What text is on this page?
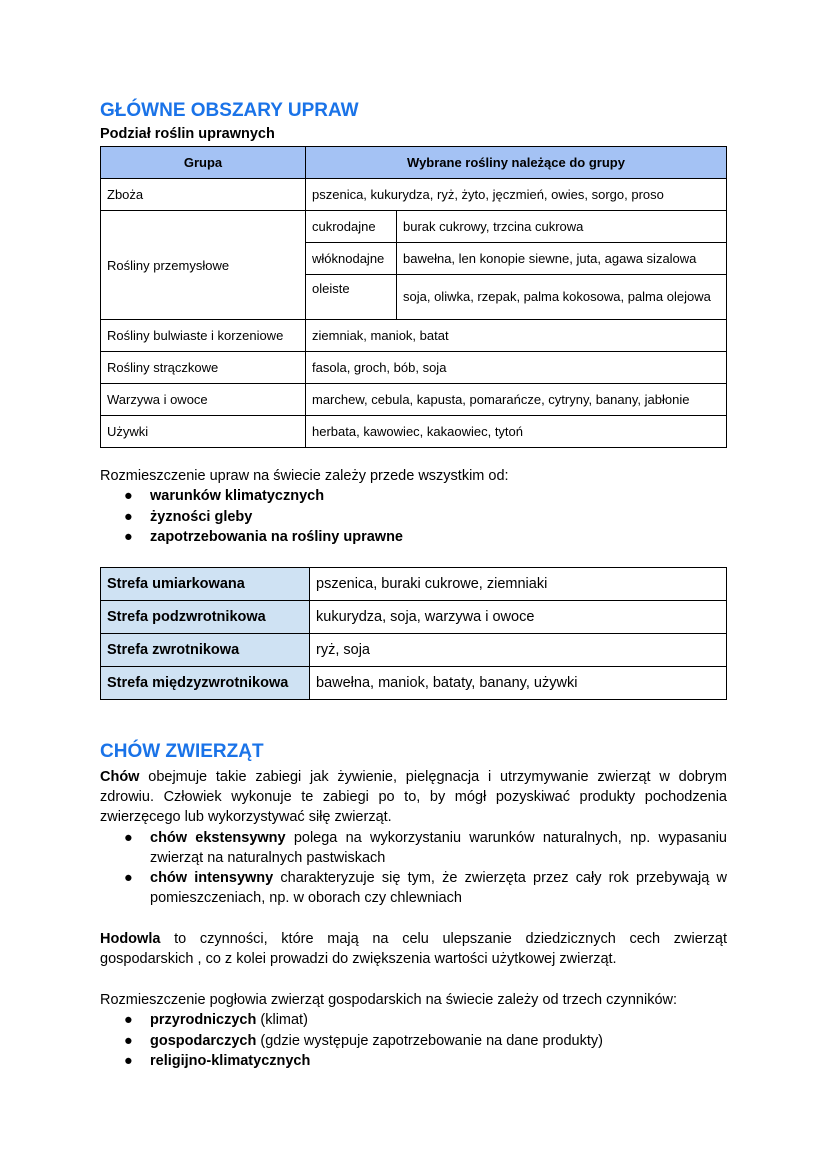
GŁÓWNE OBSZARY UPRAW
Podział roślin uprawnych
Grupa	Wybrane rośliny należące do grupy	
Zboża	pszenica, kukurydza, ryż, żyto, jęczmień, owies, sorgo, proso	
Rośliny przemysłowe	cukrodajne	burak cukrowy, trzcina cukrowa
	włóknodajne	bawełna, len konopie siewne, juta, agawa sizalowa
	oleiste	soja, oliwka, rzepak, palma kokosowa, palma olejowa
Rośliny bulwiaste i korzeniowe	ziemniak, maniok, batat	
Rośliny strączkowe	fasola, groch, bób, soja	
Warzywa i owoce	marchew, cebula, kapusta, pomarańcze, cytryny, banany, jabłonie	
Używki	herbata, kawowiec, kakaowiec, tytoń	
Rozmieszczenie upraw na świecie zależy przede wszystkim od:
● warunków klimatycznych
● żyzności gleby
● zapotrzebowania na rośliny uprawne
Strefa umiarkowana	pszenica, buraki cukrowe, ziemniaki
Strefa podzwrotnikowa	kukurydza, soja, warzywa i owoce
Strefa zwrotnikowa	ryż, soja
Strefa międzyzwrotnikowa	bawełna, maniok, bataty, banany, używki
CHÓW ZWIERZĄT
Chów obejmuje takie zabiegi jak żywienie, pielęgnacja i utrzymywanie zwierząt w dobrym zdrowiu. Człowiek wykonuje te zabiegi po to, by mógł pozyskiwać produkty pochodzenia zwierzęcego lub wykorzystywać siłę zwierząt.
● chów ekstensywny polega na wykorzystaniu warunków naturalnych, np. wypasaniu zwierząt na naturalnych pastwiskach
● chów intensywny charakteryzuje się tym, że zwierzęta przez cały rok przebywają w pomieszczeniach, np. w oborach czy chlewniach
Hodowla to czynności, które mają na celu ulepszanie dziedzicznych cech zwierząt gospodarskich , co z kolei prowadzi do zwiększenia wartości użytkowej zwierząt.
Rozmieszczenie pogłowia zwierząt gospodarskich na świecie zależy od trzech czynników:
● przyrodniczych (klimat)
● gospodarczych (gdzie występuje zapotrzebowanie na dane produkty)
● religijno-klimatycznych
